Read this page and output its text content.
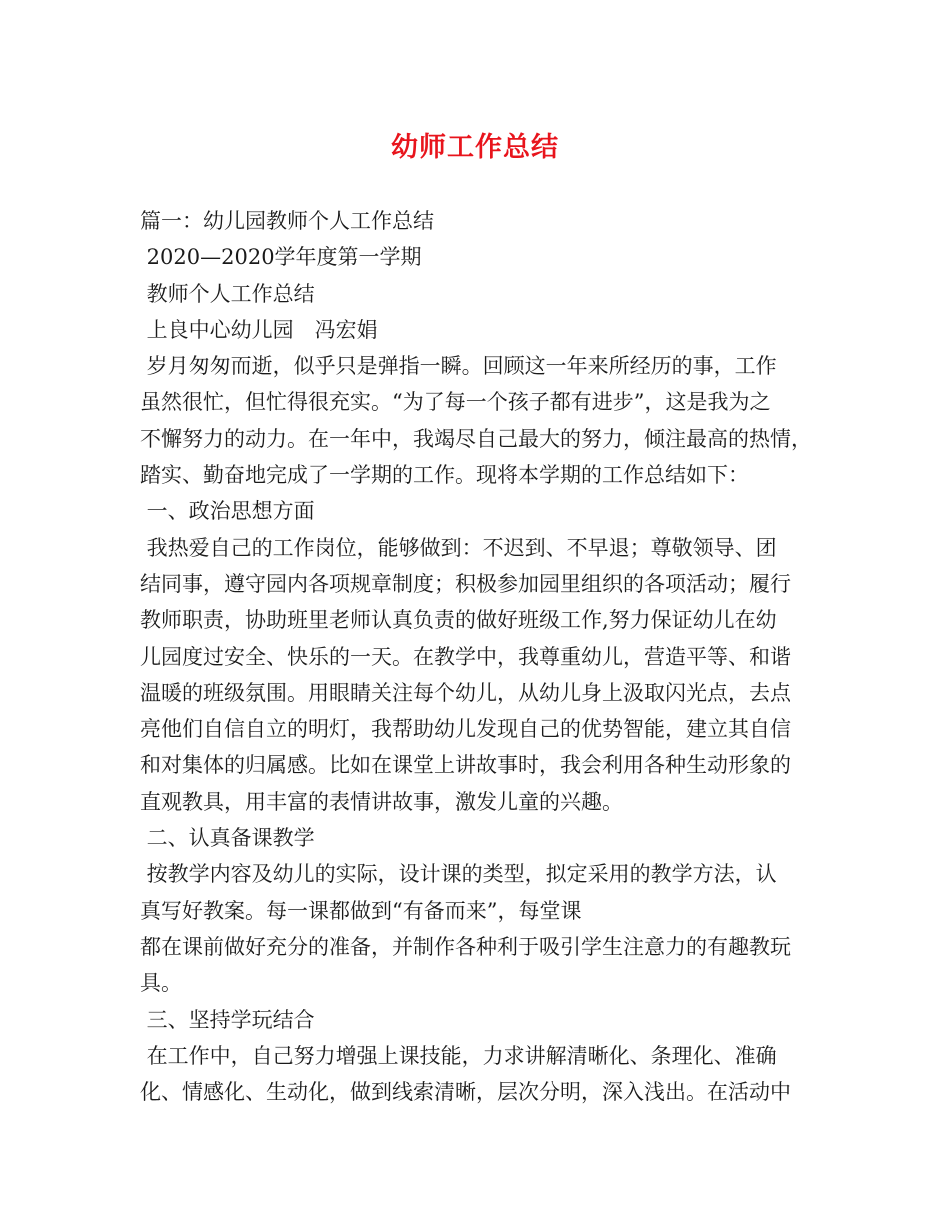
幼师工作总结
篇一：幼儿园教师个人工作总结
2020—2020学年度第一学期
教师个人工作总结
上良中心幼儿园　冯宏娟
岁月匆匆而逝，似乎只是弹指一瞬。回顾这一年来所经历的事，工作
虽然很忙，但忙得很充实。“为了每一个孩子都有进步”，这是我为之
不懈努力的动力。在一年中，我竭尽自己最大的努力，倾注最高的热情，
踏实、勤奋地完成了一学期的工作。现将本学期的工作总结如下：
一、政治思想方面
我热爱自己的工作岗位，能够做到：不迟到、不早退；尊敬领导、团
结同事，遵守园内各项规章制度；积极参加园里组织的各项活动；履行
教师职责，协助班里老师认真负责的做好班级工作,努力保证幼儿在幼
儿园度过安全、快乐的一天。在教学中，我尊重幼儿，营造平等、和谐
温暖的班级氛围。用眼睛关注每个幼儿，从幼儿身上汲取闪光点，去点
亮他们自信自立的明灯，我帮助幼儿发现自己的优势智能，建立其自信
和对集体的归属感。比如在课堂上讲故事时，我会利用各种生动形象的
直观教具，用丰富的表情讲故事，激发儿童的兴趣。
二、认真备课教学
按教学内容及幼儿的实际，设计课的类型，拟定采用的教学方法，认
真写好教案。每一课都做到“有备而来”，每堂课
都在课前做好充分的准备，并制作各种利于吸引学生注意力的有趣教玩
具。
三、坚持学玩结合
在工作中，自己努力增强上课技能，力求讲解清晰化、条理化、准确
化、情感化、生动化，做到线索清晰，层次分明，深入浅出。在活动中
